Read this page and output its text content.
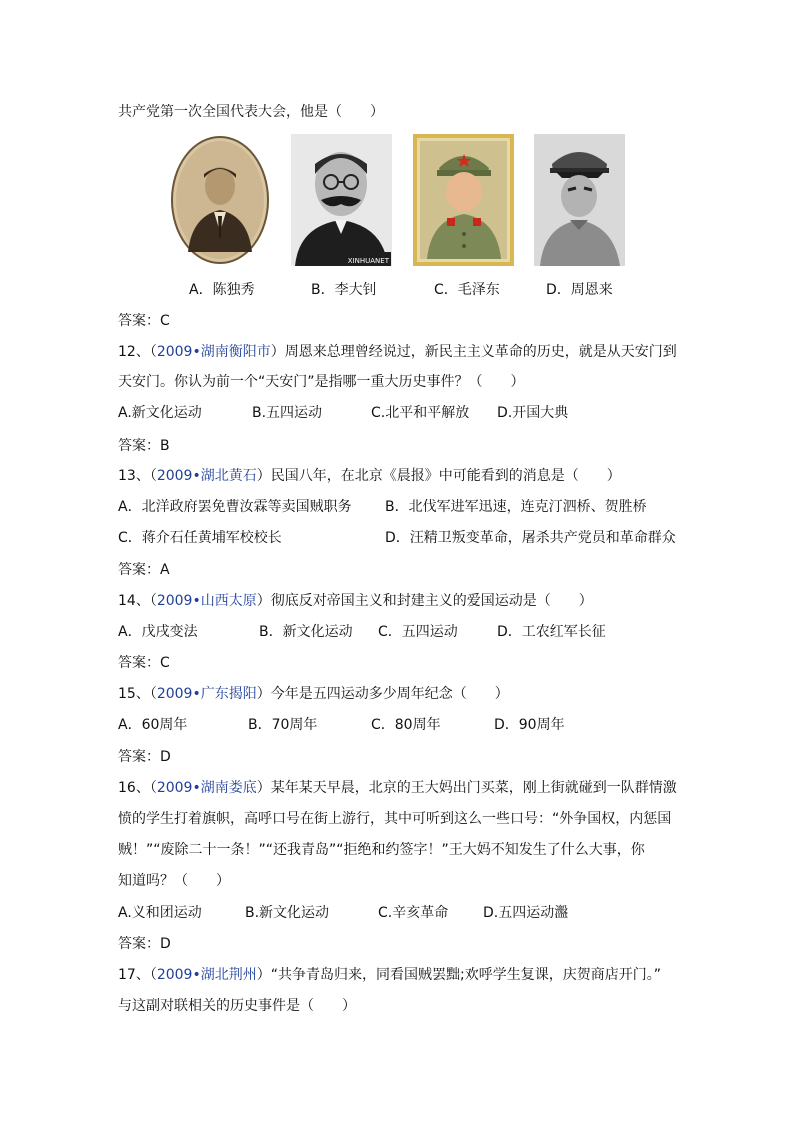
共产党第一次全国代表大会，他是（　　）
XINHUANET
A．陈独秀	B．李大钊	C．毛泽东	D．周恩来
答案：C
12、（2009•湖南衡阳市）周恩来总理曾经说过，新民主主义革命的历史，就是从天安门到
天安门。你认为前一个“天安门”是指哪一重大历史事件？（　　）
A.新文化运动	B.五四运动	C.北平和平解放 D.开国大典
答案：B
13、（2009•湖北黄石）民国八年，在北京《晨报》中可能看到的消息是（　　）
A．北洋政府罢免曹汝霖等卖国贼职务 B．北伐军进军迅速，连克汀泗桥、贺胜桥
C．蒋介石任黄埔军校校长	D．汪精卫叛变革命，屠杀共产党员和革命群众
答案：A
14、（2009•山西太原）彻底反对帝国主义和封建主义的爱国运动是（　　）
A．戊戌变法	B．新文化运动 C．五四运动	D．工农红军长征
答案：C
15、（2009•广东揭阳）今年是五四运动多少周年纪念（　　）
A．60周年	B．70周年	C．80周年	D．90周年
答案：D
16、（2009•湖南娄底）某年某天早晨，北京的王大妈出门买菜，刚上街就碰到一队群情激
愤的学生打着旗帜，高呼口号在街上游行，其中可听到这么一些口号：“外争国权，内惩国
贼！”“废除二十一条！”“还我青岛”“拒绝和约签字！”王大妈不知发生了什么大事，你
知道吗？（　　）
A.义和团运动	B.新文化运动	C.辛亥革命 D.五四运动瀊
答案：D
17、（2009•湖北荆州）“共争青岛归来，同看国贼罢黜;欢呼学生复课，庆贺商店开门。”
与这副对联相关的历史事件是（　　）
